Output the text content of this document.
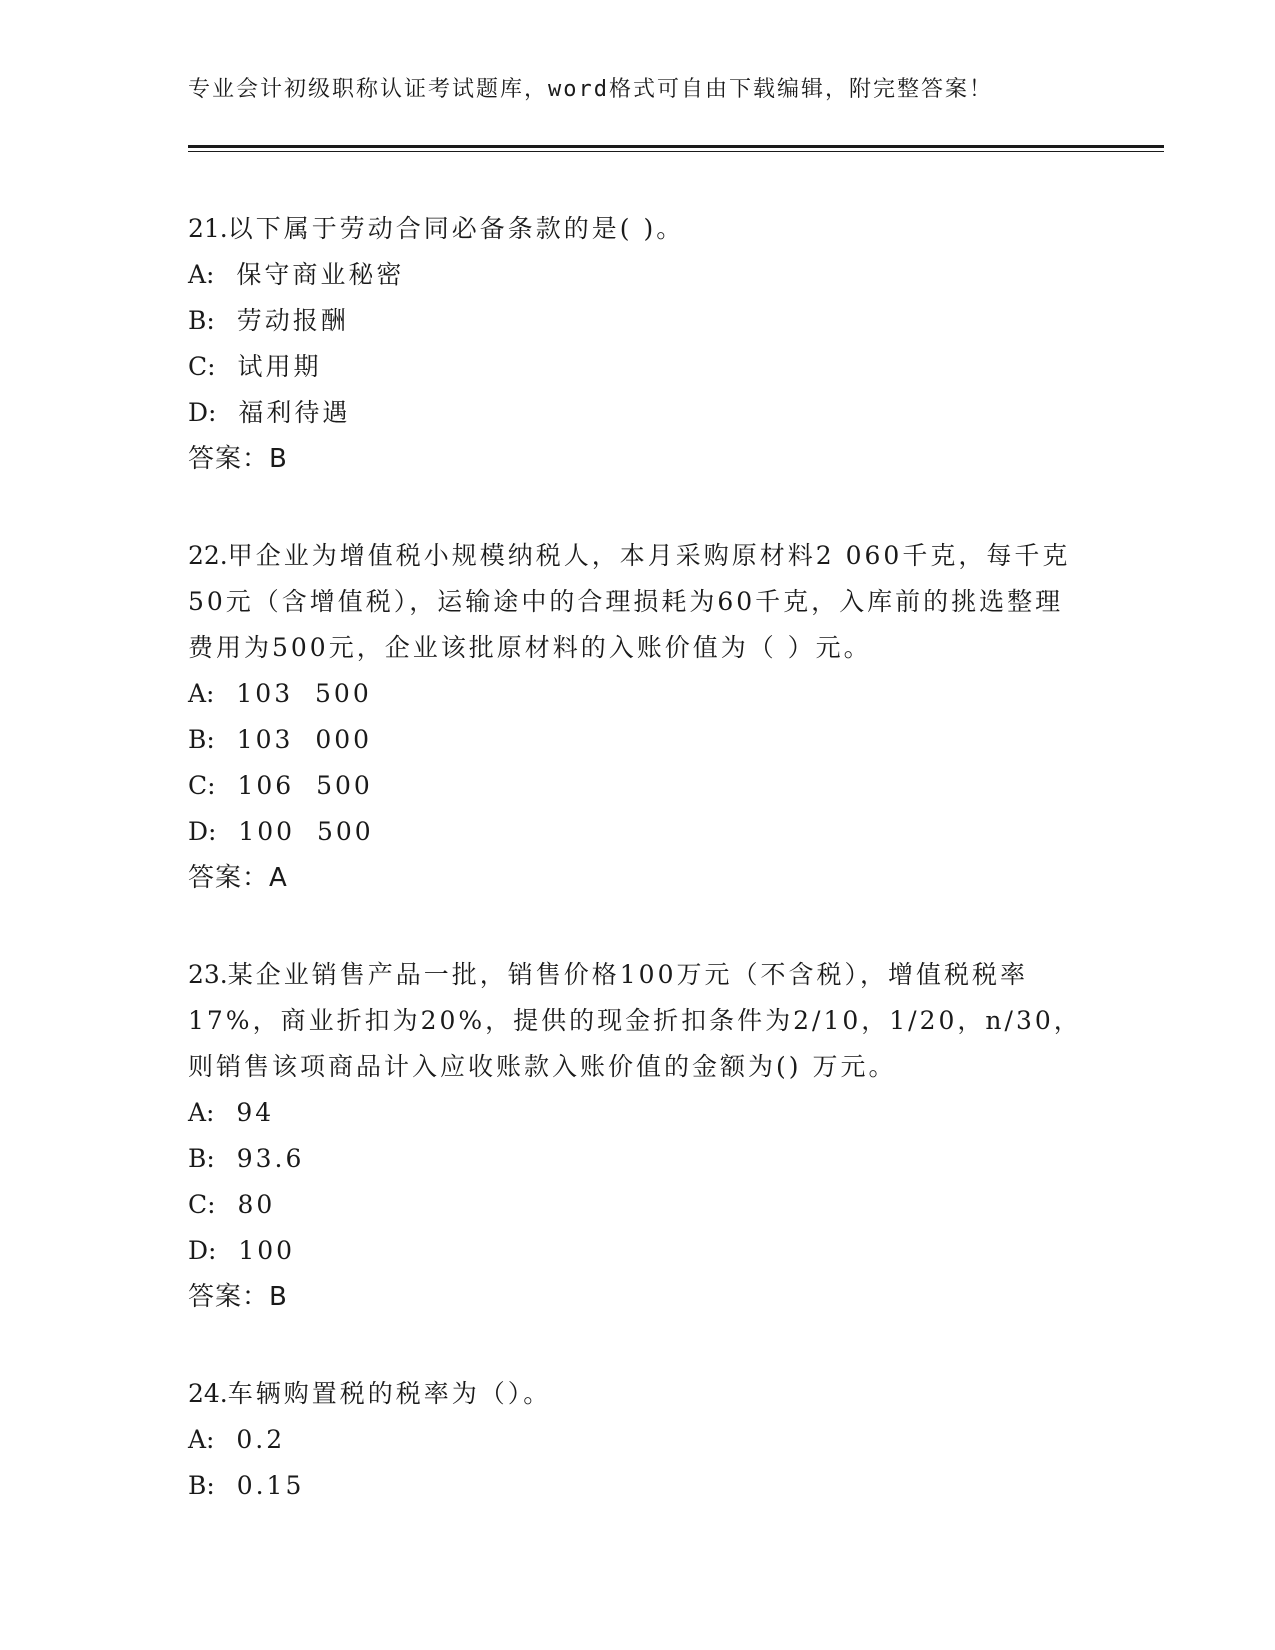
专业会计初级职称认证考试题库，word格式可自由下载编辑，附完整答案！

21.以下属于劳动合同必备条款的是( )。

A: 保守商业秘密

B: 劳动报酬

C: 试用期

D: 福利待遇

答案：B

22.甲企业为增值税小规模纳税人，本月采购原材料2 060千克，每千克50元（含增值税），运输途中的合理损耗为60千克，入库前的挑选整理费用为500元，企业该批原材料的入账价值为（ ）元。

A: 103  500

B: 103  000

C: 106  500

D: 100  500

答案：A

23.某企业销售产品一批，销售价格100万元（不含税），增值税税率17%，商业折扣为20%，提供的现金折扣条件为2/10，1/20，n/30，则销售该项商品计入应收账款入账价值的金额为() 万元。

A: 94

B: 93.6

C: 80

D: 100

答案：B

24.车辆购置税的税率为（）。

A: 0.2

B: 0.15
